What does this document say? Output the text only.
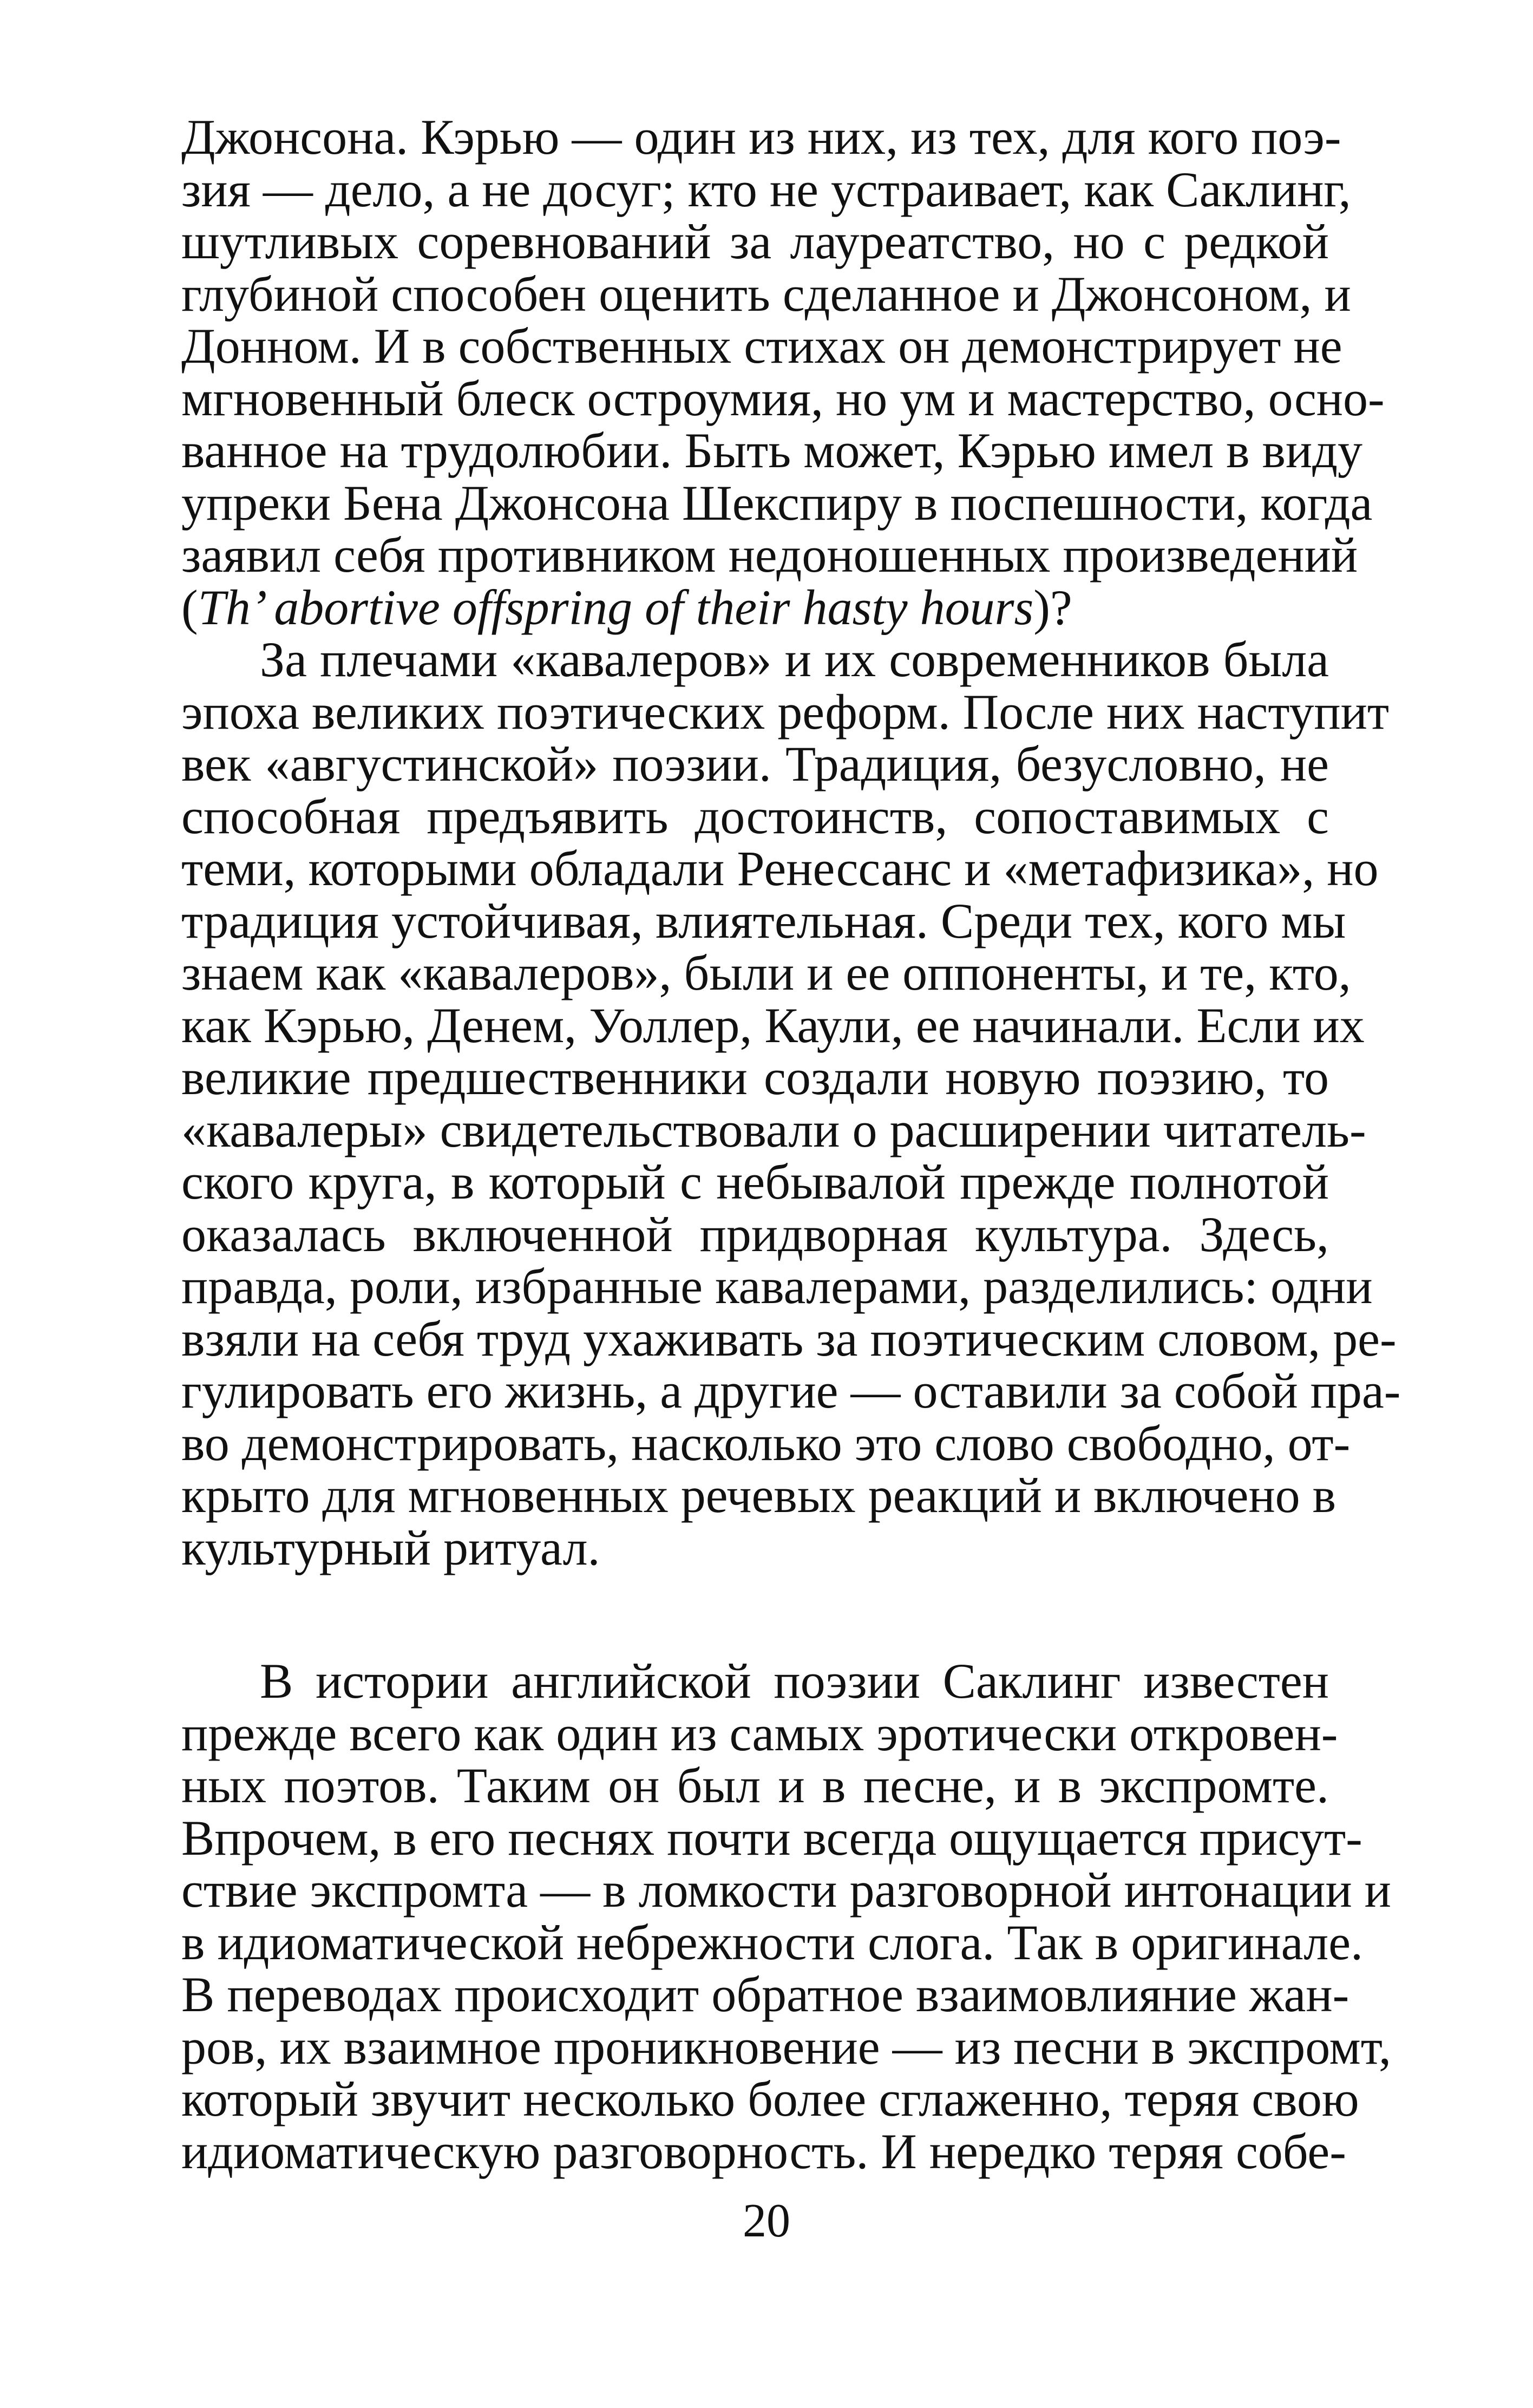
Джонсона. Кэрью — один из них, из тех, для кого поэ-
зия — дело, а не досуг; кто не устраивает, как Саклинг,
шутливых соревнований за лауреатство, но с редкой
глубиной способен оценить сделанное и Джонсоном, и
Донном. И в собственных стихах он демонстрирует не
мгновенный блеск остроумия, но ум и мастерство, осно-
ванное на трудолюбии. Быть может, Кэрью имел в виду
упреки Бена Джонсона Шекспиру в поспешности, когда
заявил себя противником недоношенных произведений
(Th’ abortive offspring of their hasty hours)?
За плечами «кавалеров» и их современников была
эпоха великих поэтических реформ. После них наступит
век «августинской» поэзии. Традиция, безусловно, не
способная предъявить достоинств, сопоставимых с
теми, которыми обладали Ренессанс и «метафизика», но
традиция устойчивая, влиятельная. Среди тех, кого мы
знаем как «кавалеров», были и ее оппоненты, и те, кто,
как Кэрью, Денем, Уоллер, Каули, ее начинали. Если их
великие предшественники создали новую поэзию, то
«кавалеры» свидетельствовали о расширении читатель-
ского круга, в который с небывалой прежде полнотой
оказалась включенной придворная культура. Здесь,
правда, роли, избранные кавалерами, разделились: одни
взяли на себя труд ухаживать за поэтическим словом, ре-
гулировать его жизнь, а другие — оставили за собой пра-
во демонстрировать, насколько это слово свободно, от-
крыто для мгновенных речевых реакций и включено в
культурный ритуал.
В истории английской поэзии Саклинг известен
прежде всего как один из самых эротически откровен-
ных поэтов. Таким он был и в песне, и в экспромте.
Впрочем, в его песнях почти всегда ощущается присут-
ствие экспромта — в ломкости разговорной интонации и
в идиоматической небрежности слога. Так в оригинале.
В переводах происходит обратное взаимовлияние жан-
ров, их взаимное проникновение — из песни в экспромт,
который звучит несколько более сглаженно, теряя свою
идиоматическую разговорность. И нередко теряя собе-
20
